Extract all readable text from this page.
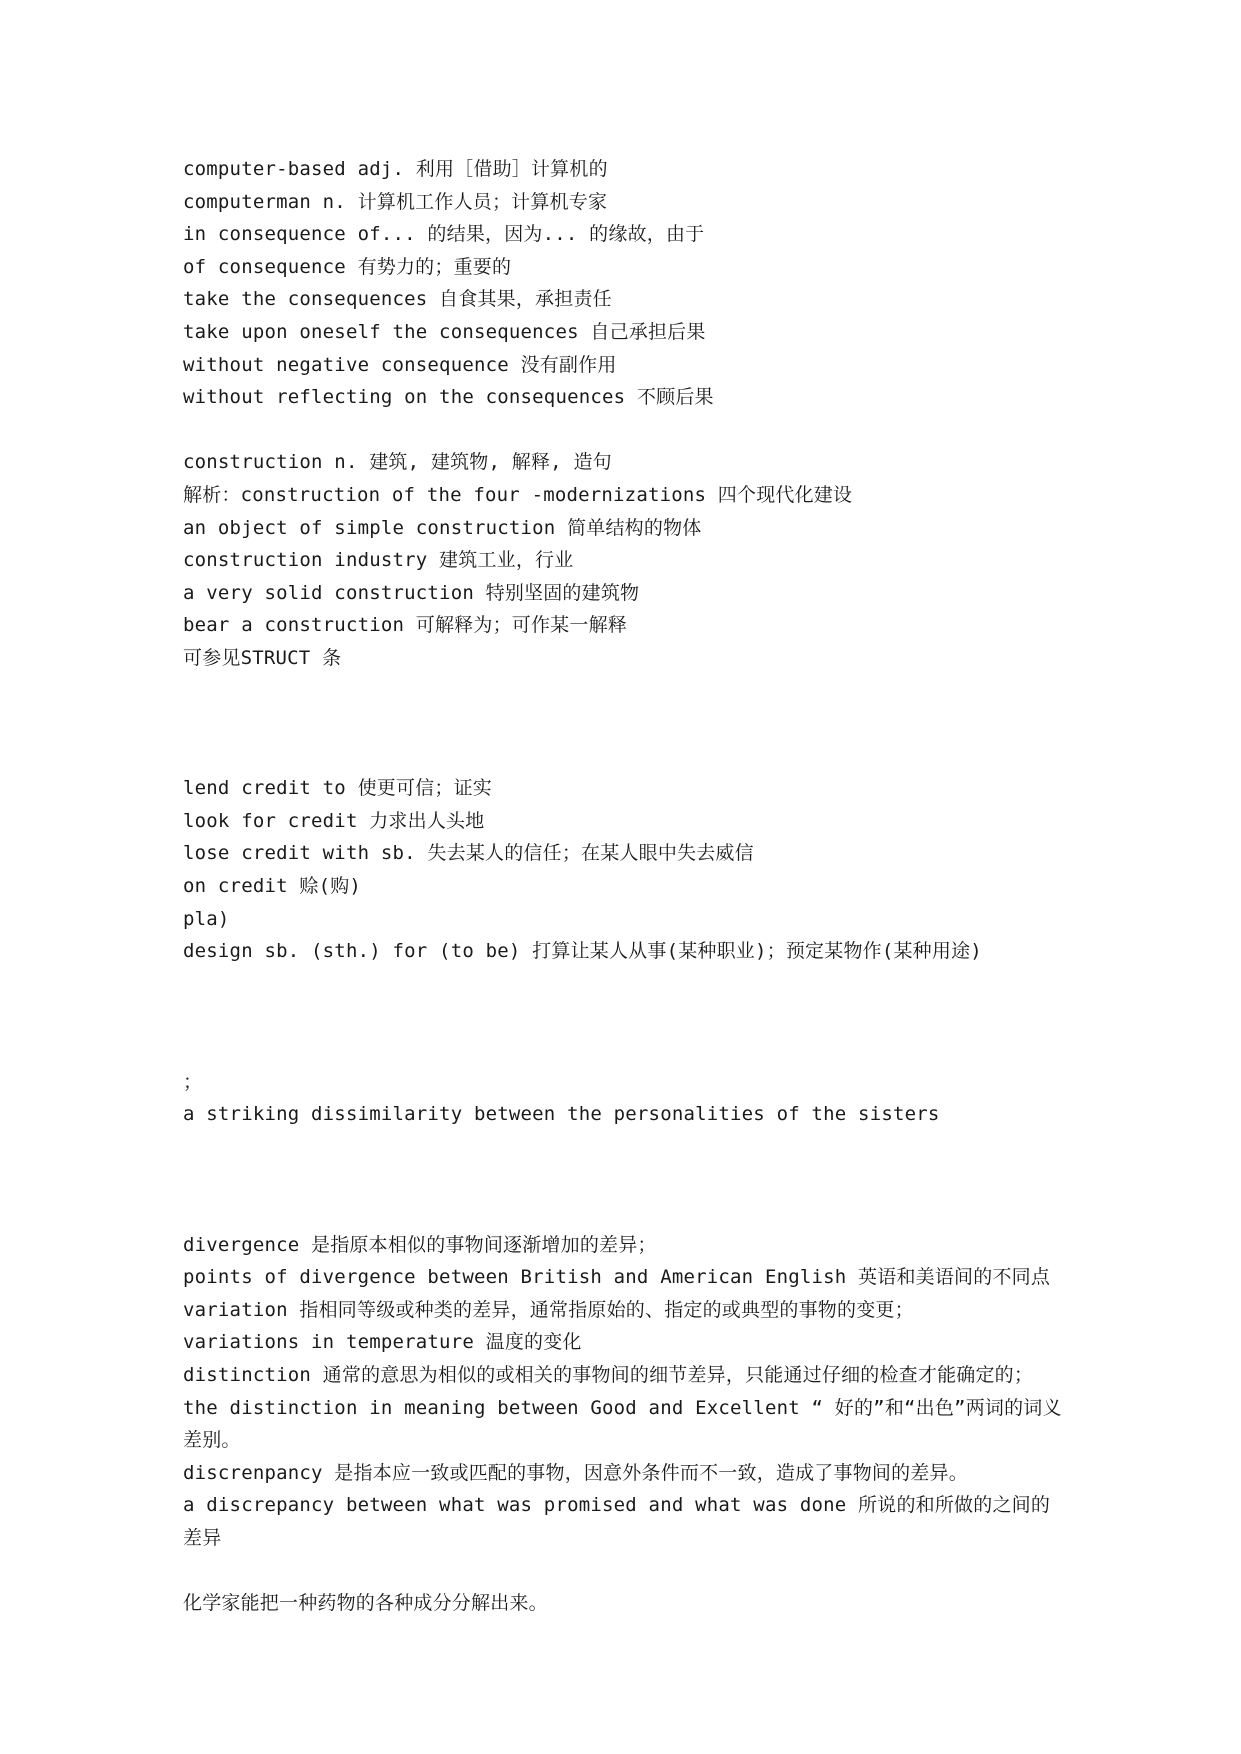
computer-based adj. 利用［借助］计算机的

computerman n. 计算机工作人员；计算机专家

in consequence of... 的结果，因为... 的缘故，由于

of consequence 有势力的；重要的

take the consequences 自食其果，承担责任

take upon oneself the consequences 自己承担后果

without negative consequence 没有副作用

without reflecting on the consequences 不顾后果

construction n. 建筑, 建筑物, 解释, 造句

解析：construction of the four -modernizations 四个现代化建设

an object of simple construction 简单结构的物体

construction industry 建筑工业，行业

a very solid construction 特别坚固的建筑物

bear a construction 可解释为；可作某一解释

可参见STRUCT 条

lend credit to 使更可信；证实

look for credit 力求出人头地

lose credit with sb. 失去某人的信任；在某人眼中失去威信

on credit 赊(购)

pla)

design sb. (sth.) for (to be) 打算让某人从事(某种职业)；预定某物作(某种用途)

；

a striking dissimilarity between the personalities of the sisters

divergence 是指原本相似的事物间逐渐增加的差异；

points of divergence between British and American English 英语和美语间的不同点

variation 指相同等级或种类的差异，通常指原始的、指定的或典型的事物的变更；

variations in temperature 温度的变化

distinction 通常的意思为相似的或相关的事物间的细节差异，只能通过仔细的检查才能确定的；

the distinction in meaning between Good and Excellent “ 好的”和“出色”两词的词义差别。

discrenpancy 是指本应一致或匹配的事物，因意外条件而不一致，造成了事物间的差异。

a discrepancy between what was promised and what was done 所说的和所做的之间的差异

化学家能把一种药物的各种成分分解出来。
